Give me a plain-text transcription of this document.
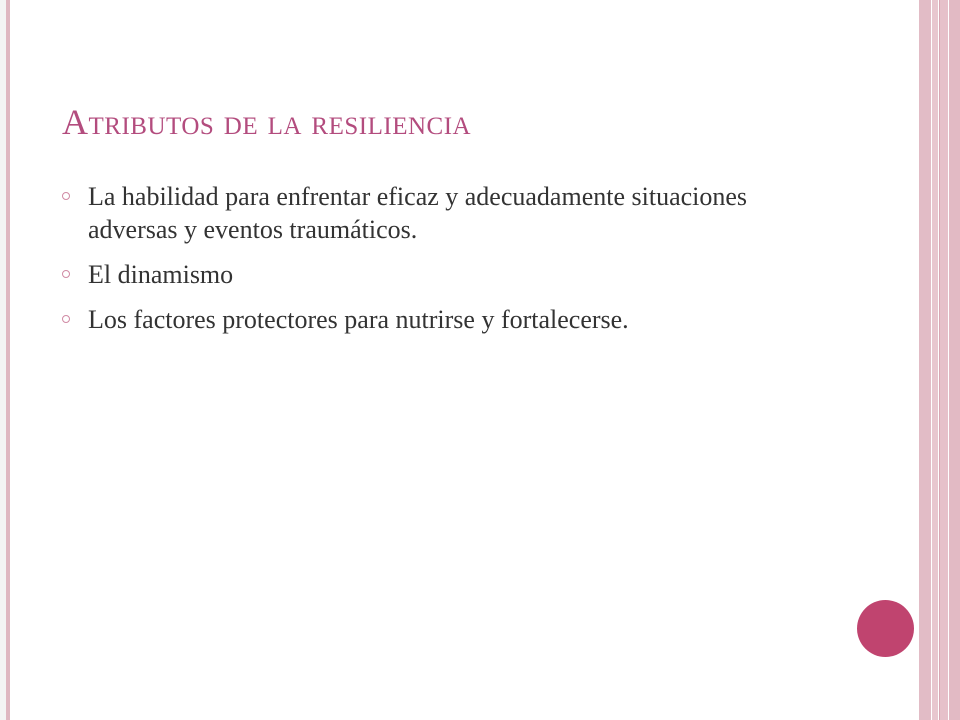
Atributos de la resiliencia
La habilidad para enfrentar eficaz y adecuadamente situaciones adversas y eventos traumáticos.
El dinamismo
Los factores protectores para nutrirse y fortalecerse.
